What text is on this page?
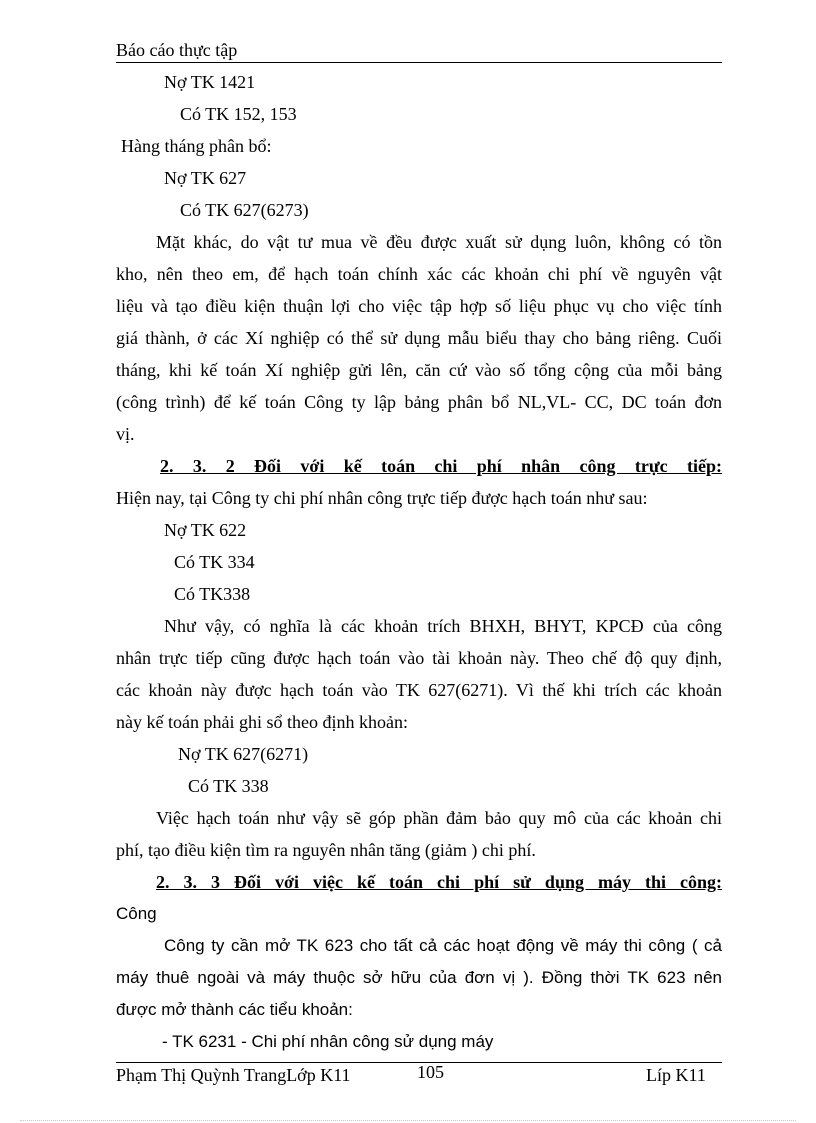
Báo cáo thực tập
Nợ TK 1421
Có TK 152, 153
Hàng tháng phân bổ:
Nợ TK 627
Có TK 627(6273)
Mặt khác, do vật tư mua về đều được xuất sử dụng luôn, không có tồn
kho, nên theo em, để hạch toán chính xác các khoản chi phí về nguyên vật
liệu và tạo điều kiện thuận lợi cho việc tập hợp số liệu phục vụ cho việc tính
giá thành, ở các Xí nghiệp có thể sử dụng mẫu biểu thay cho bảng riêng. Cuối
tháng, khi kế toán Xí nghiệp gửi lên, căn cứ vào số tổng cộng của mỗi bảng
(công trình) để kế toán Công ty lập bảng phân bổ NL,VL- CC, DC toán đơn
vị.
2. 3. 2 Đối với kế toán chi phí nhân công trực tiếp:
Hiện nay, tại Công ty chi phí nhân công trực tiếp được hạch toán như sau:
Nợ TK 622
Có TK 334
Có TK338
Như vậy, có nghĩa là các khoản trích BHXH, BHYT, KPCĐ của công
nhân trực tiếp cũng được hạch toán vào tài khoản này. Theo chế độ quy định,
các khoản này được hạch toán vào TK 627(6271). Vì thế khi trích các khoản
này kế toán phải ghi sổ theo định khoản:
Nợ TK 627(6271)
Có TK 338
Việc hạch toán như vậy sẽ góp phần đảm bảo quy mô của các khoản chi
phí, tạo điều kiện tìm ra nguyên nhân tăng (giảm ) chi phí.
2. 3. 3 Đối với việc kế toán chi phí sử dụng máy thi công:
Công
Công ty cần mở TK 623 cho tất cả các hoạt động về máy thi công ( cả
máy thuê ngoài và máy thuộc sở hữu của đơn vị ). Đồng thời TK 623 nên
được mở thành các tiểu khoản:
- TK 6231 - Chi phí nhân công sử dụng máy
Phạm Thị Quỳnh TrangLớp K11	105	Líp K11
